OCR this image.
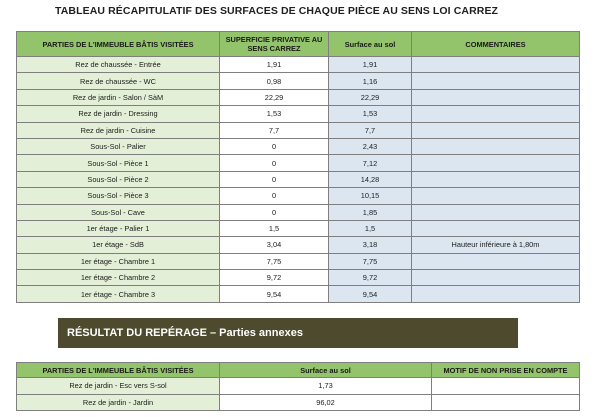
TABLEAU RÉCAPITULATIF DES SURFACES DE CHAQUE PIÈCE AU SENS LOI CARREZ
PARTIES DE L'IMMEUBLE BÂTIS VISITÉES	SUPERFICIE PRIVATIVE AU SENS CARREZ	Surface au sol	COMMENTAIRES
Rez de chaussée - Entrée	1,91	1,91	
Rez de chaussée - WC	0,98	1,16	
Rez de jardin - Salon / SàM	22,29	22,29	
Rez de jardin - Dressing	1,53	1,53	
Rez de jardin - Cuisine	7,7	7,7	
Sous-Sol - Palier	0	2,43	
Sous-Sol - Pièce 1	0	7,12	
Sous-Sol - Pièce 2	0	14,28	
Sous-Sol - Pièce 3	0	10,15	
Sous-Sol - Cave	0	1,85	
1er étage - Palier 1	1,5	1,5	
1er étage - SdB	3,04	3,18	Hauteur inférieure à 1,80m
1er étage - Chambre 1	7,75	7,75	
1er étage - Chambre 2	9,72	9,72	
1er étage - Chambre 3	9,54	9,54	
RÉSULTAT DU REPÉRAGE – Parties annexes
PARTIES DE L'IMMEUBLE BÂTIS VISITÉES	Surface au sol	MOTIF DE NON PRISE EN COMPTE
Rez de jardin - Esc vers S-sol	1,73	
Rez de jardin - Jardin	96,02	
